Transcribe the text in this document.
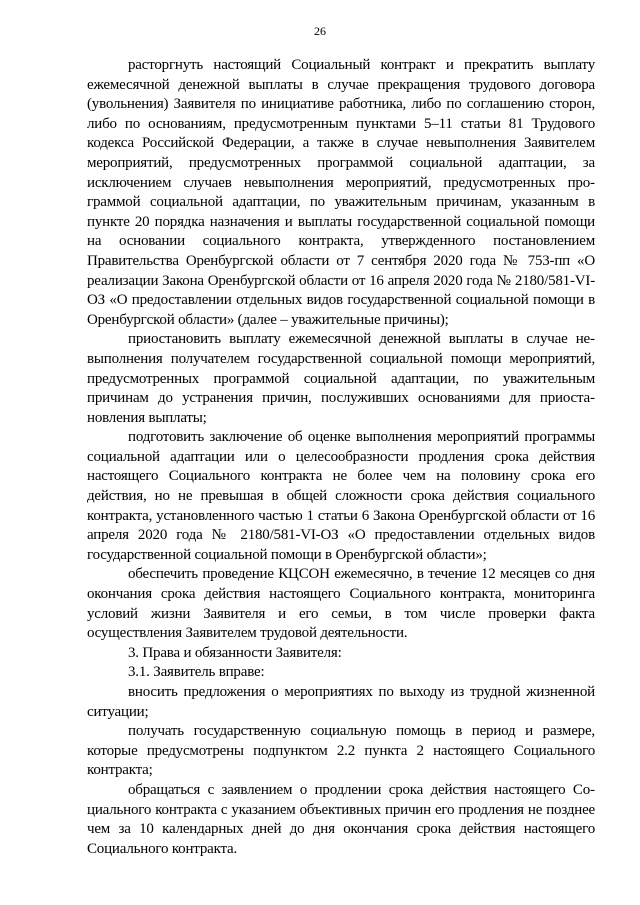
26

расторгнуть настоящий Социальный контракт и прекратить выплату ежемесячной денежной выплаты в случае прекращения трудового договора (увольнения) Заявителя по инициативе работника, либо по соглашению сторон, либо по основаниям, предусмотренным пунктами 5–11 статьи 81 Трудового кодекса Российской Федерации, а также в случае невыполнения Заявителем мероприятий, предусмотренных программой социальной адаптации, за исключением случаев невыполнения мероприятий, предусмотренных программой социальной адаптации, по уважительным причинам, указанным в пункте 20 порядка назначения и выплаты государственной социальной помощи на основании социального контракта, утвержденного постановлением Правительства Оренбургской области от 7 сентября 2020 года № 753-пп «О реализации Закона Оренбургской области от 16 апреля 2020 года № 2180/581-VI-ОЗ «О предоставлении отдельных видов государственной социальной помощи в Оренбургской области» (далее – уважительные причины);

приостановить выплату ежемесячной денежной выплаты в случае невыполнения получателем государственной социальной помощи мероприятий, предусмотренных программой социальной адаптации, по уважительным причинам до устранения причин, послуживших основаниями для приостановления выплаты;

подготовить заключение об оценке выполнения мероприятий программы социальной адаптации или о целесообразности продления срока действия настоящего Социального контракта не более чем на половину срока его действия, но не превышая в общей сложности срока действия социального контракта, установленного частью 1 статьи 6 Закона Оренбургской области от 16 апреля 2020 года № 2180/581-VI-ОЗ «О предоставлении отдельных видов государственной социальной помощи в Оренбургской области»;

обеспечить проведение КЦСОН ежемесячно, в течение 12 месяцев со дня окончания срока действия настоящего Социального контракта, мониторинга условий жизни Заявителя и его семьи, в том числе проверки факта осуществления Заявителем трудовой деятельности.

3. Права и обязанности Заявителя:

3.1. Заявитель вправе:

вносить предложения о мероприятиях по выходу из трудной жизненной ситуации;

получать государственную социальную помощь в период и размере, которые предусмотрены подпунктом 2.2 пункта 2 настоящего Социального контракта;

обращаться с заявлением о продлении срока действия настоящего Социального контракта с указанием объективных причин его продления не позднее чем за 10 календарных дней до дня окончания срока действия настоящего Социального контракта.
